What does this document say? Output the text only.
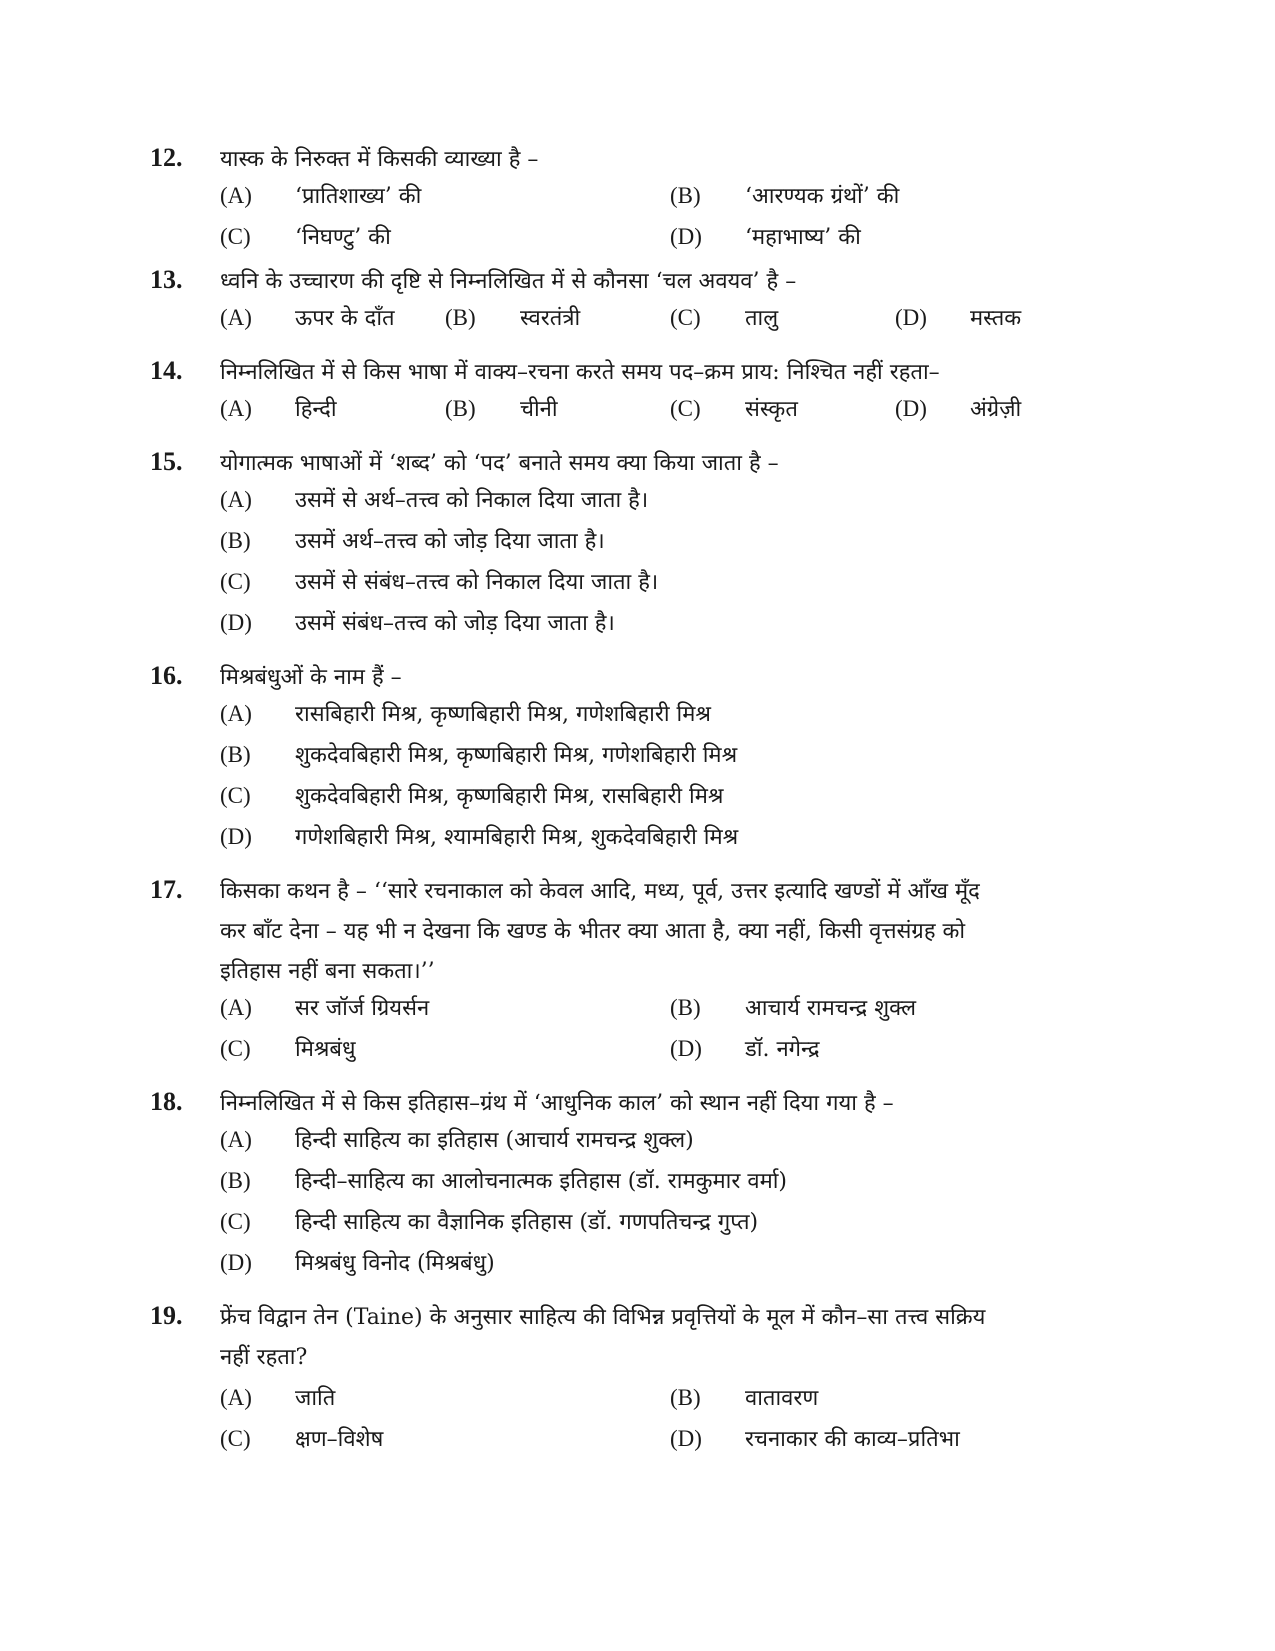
12.	यास्क के निरुक्त में किसकी व्याख्या है –
(A)	‘प्रातिशाख्य’ की	(B)	‘आरण्यक ग्रंथों’ की
(C)	‘निघण्टु’ की	(D)	‘महाभाष्य’ की
13.	ध्वनि के उच्चारण की दृष्टि से निम्नलिखित में से कौनसा ‘चल अवयव’ है –
(A)	ऊपर के दाँत (B)	स्वरतंत्री	(C)	तालु	(D)	मस्तक
14.	निम्नलिखित में से किस भाषा में वाक्य–रचना करते समय पद–क्रम प्राय: निश्चित नहीं रहता–
(A)	हिन्दी	(B)	चीनी	(C)	संस्कृत	(D)	अंग्रेज़ी
15.	योगात्मक भाषाओं में ‘शब्द’ को ‘पद’ बनाते समय क्या किया जाता है –
(A)	उसमें से अर्थ–तत्त्व को निकाल दिया जाता है।
(B)	उसमें अर्थ–तत्त्व को जोड़ दिया जाता है।
(C)	उसमें से संबंध–तत्त्व को निकाल दिया जाता है।
(D)	उसमें संबंध–तत्त्व को जोड़ दिया जाता है।
16.	मिश्रबंधुओं के नाम हैं –
(A)	रासबिहारी मिश्र, कृष्णबिहारी मिश्र, गणेशबिहारी मिश्र
(B)	शुकदेवबिहारी मिश्र, कृष्णबिहारी मिश्र, गणेशबिहारी मिश्र
(C)	शुकदेवबिहारी मिश्र, कृष्णबिहारी मिश्र, रासबिहारी मिश्र
(D)	गणेशबिहारी मिश्र, श्यामबिहारी मिश्र, शुकदेवबिहारी मिश्र
17.	किसका कथन है – ‘‘सारे रचनाकाल को केवल आदि, मध्य, पूर्व, उत्तर इत्यादि खण्डों में आँख मूँद
कर बाँट देना – यह भी न देखना कि खण्ड के भीतर क्या आता है, क्या नहीं, किसी वृत्तसंग्रह को
इतिहास नहीं बना सकता।’’
(A)	सर जॉर्ज ग्रियर्सन	(B)	आचार्य रामचन्द्र शुक्ल
(C)	मिश्रबंधु	(D)	डॉ. नगेन्द्र
18.	निम्नलिखित में से किस इतिहास–ग्रंथ में ‘आधुनिक काल’ को स्थान नहीं दिया गया है –
(A)	हिन्दी साहित्य का इतिहास (आचार्य रामचन्द्र शुक्ल)
(B)	हिन्दी–साहित्य का आलोचनात्मक इतिहास (डॉ. रामकुमार वर्मा)
(C)	हिन्दी साहित्य का वैज्ञानिक इतिहास (डॉ. गणपतिचन्द्र गुप्त)
(D)	मिश्रबंधु विनोद (मिश्रबंधु)
19.	फ्रेंच विद्वान तेन (Taine) के अनुसार साहित्य की विभिन्न प्रवृत्तियों के मूल में कौन–सा तत्त्व सक्रिय
नहीं रहता?
(A)	जाति	(B)	वातावरण
(C)	क्षण–विशेष	(D)	रचनाकार की काव्य–प्रतिभा
